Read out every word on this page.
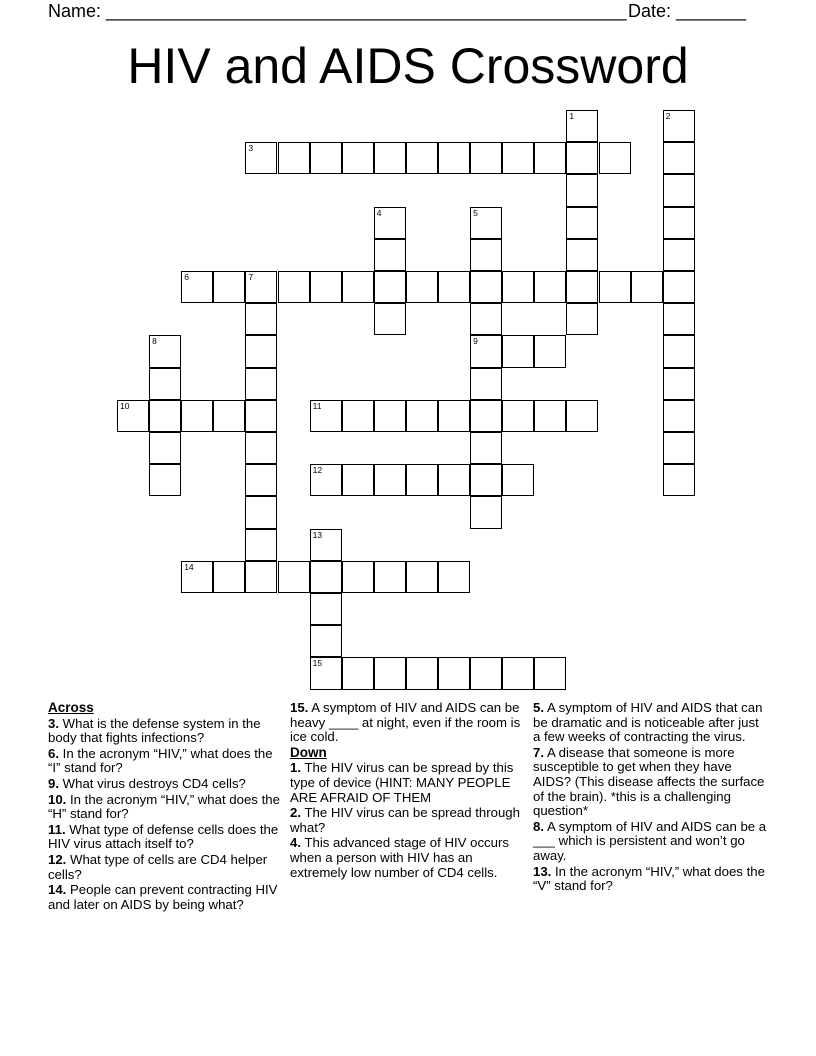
Name: ____________________________________________________ Date: _______
HIV and AIDS Crossword
1	2
3
4	5
9
6	7
8
10	11
12
13
15
14
Across

3. What is the defense system in the body that fights infections?

6. In the acronym “HIV,” what does the “I” stand for?

9. What virus destroys CD4 cells?

10. In the acronym “HIV,” what does the “H” stand for?

11. What type of defense cells does the HIV virus attach itself to?

12. What type of cells are CD4 helper cells?

14. People can prevent contracting HIV and later on AIDS by being what?

15. A symptom of HIV and AIDS can be heavy ____ at night, even if the room is ice cold.

Down

1. The HIV virus can be spread by this type of device (HINT: MANY PEOPLE ARE AFRAID OF THEM

2. The HIV virus can be spread through what?

4. This advanced stage of HIV occurs when a person with HIV has an extremely low number of CD4 cells.

5. A symptom of HIV and AIDS that can be dramatic and is noticeable after just a few weeks of contracting the virus.

7. A disease that someone is more susceptible to get when they have AIDS? (This disease affects the surface of the brain). *this is a challenging question*

8. A symptom of HIV and AIDS can be a ___ which is persistent and won’t go away.

13. In the acronym “HIV,” what does the “V” stand for?
